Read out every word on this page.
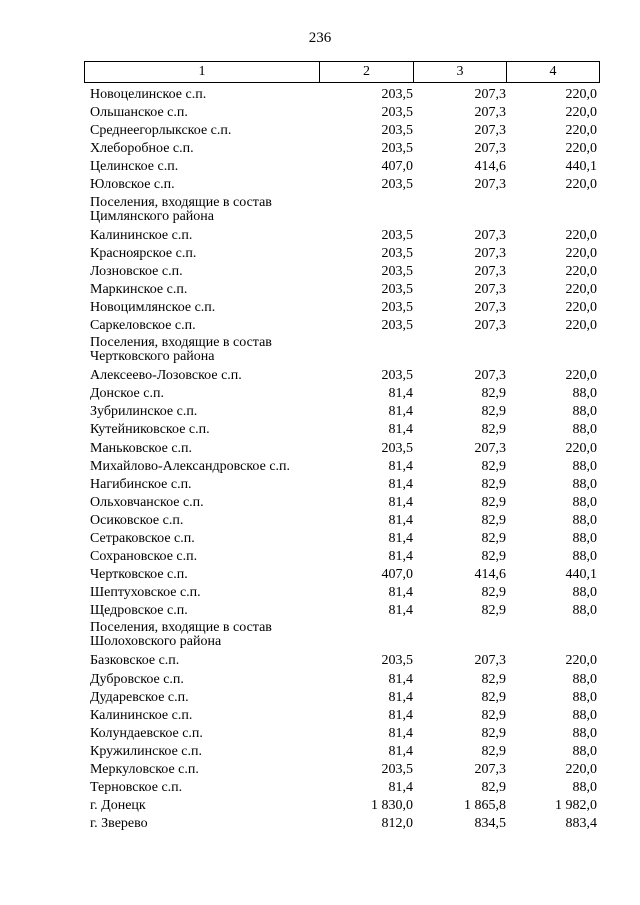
236
1	2	3	4
Новоцелинское с.п.	203,5	207,3	220,0
Ольшанское с.п.	203,5	207,3	220,0
Среднеегорлыкское с.п.	203,5	207,3	220,0
Хлеборобное с.п.	203,5	207,3	220,0
Целинское с.п.	407,0	414,6	440,1
Юловское с.п.	203,5	207,3	220,0
Поселения, входящие в состав
Цимлянского района
Калининское с.п.	203,5	207,3	220,0
Красноярское с.п.	203,5	207,3	220,0
Лозновское с.п.	203,5	207,3	220,0
Маркинское с.п.	203,5	207,3	220,0
Новоцимлянское с.п.	203,5	207,3	220,0
Саркеловское с.п.	203,5	207,3	220,0
Поселения, входящие в состав
Чертковского района
Алексеево-Лозовское с.п.	203,5	207,3	220,0
Донское с.п.	81,4	82,9	88,0
Зубрилинское с.п.	81,4	82,9	88,0
Кутейниковское с.п.	81,4	82,9	88,0
Маньковское с.п.	203,5	207,3	220,0
Михайлово-Александровское с.п.	81,4	82,9	88,0
Нагибинское с.п.	81,4	82,9	88,0
Ольховчанское с.п.	81,4	82,9	88,0
Осиковское с.п.	81,4	82,9	88,0
Сетраковское с.п.	81,4	82,9	88,0
Сохрановское с.п.	81,4	82,9	88,0
Чертковское с.п.	407,0	414,6	440,1
Шептуховское с.п.	81,4	82,9	88,0
Щедровское с.п.	81,4	82,9	88,0
Поселения, входящие в состав
Шолоховского района
Базковское с.п.	203,5	207,3	220,0
Дубровское с.п.	81,4	82,9	88,0
Дударевское с.п.	81,4	82,9	88,0
Калининское с.п.	81,4	82,9	88,0
Колундаевское с.п.	81,4	82,9	88,0
Кружилинское с.п.	81,4	82,9	88,0
Меркуловское с.п.	203,5	207,3	220,0
Терновское с.п.	81,4	82,9	88,0
г. Донецк	1 830,0	1 865,8	1 982,0
г. Зверево	812,0	834,5	883,4
